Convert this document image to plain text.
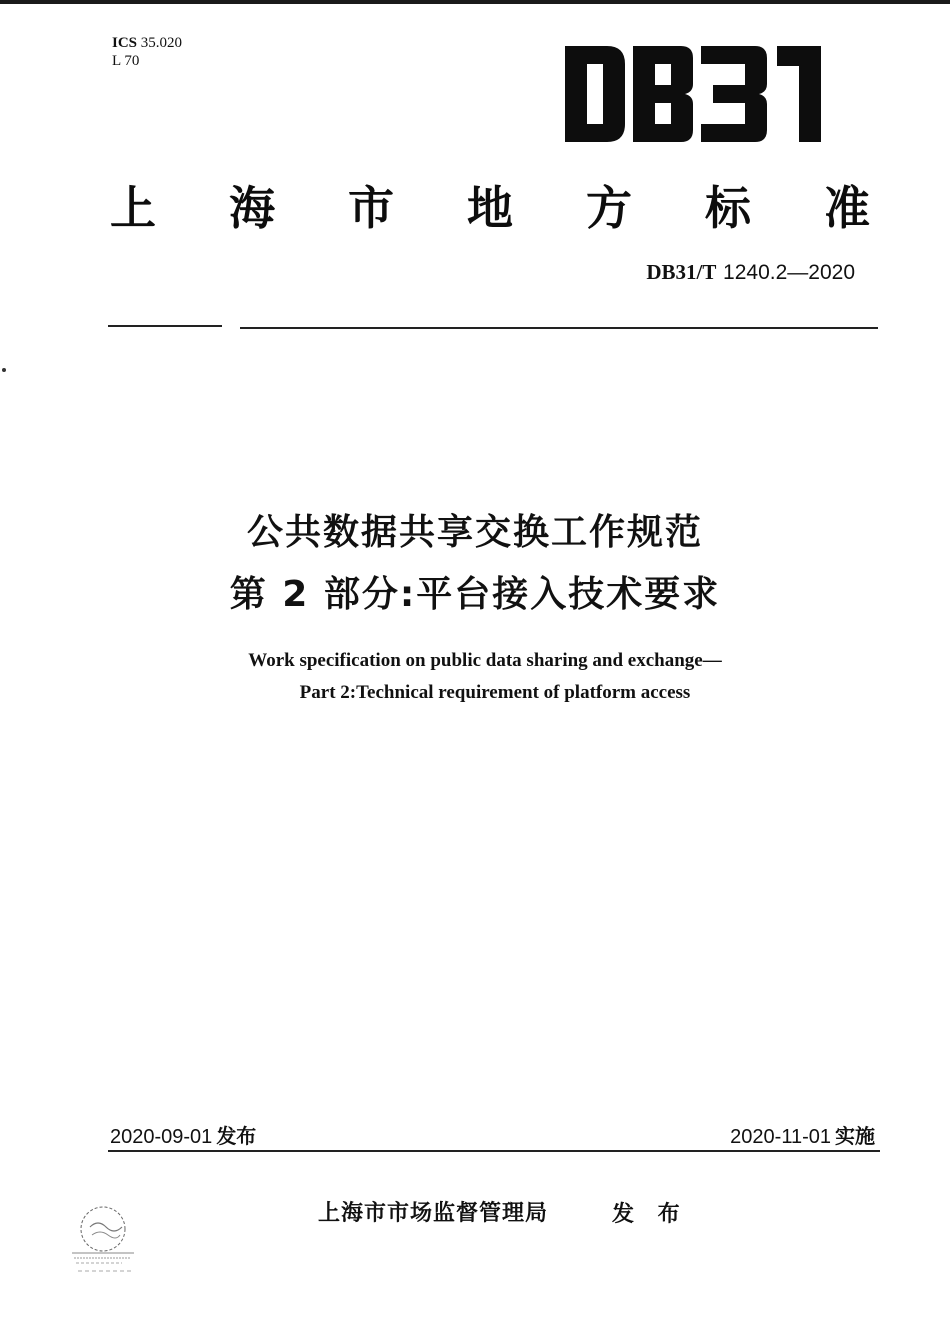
ICS 35.020
L 70
上 海 市 地 方 标 准
DB31/T 1240.2—2020
公共数据共享交换工作规范
第 2 部分:平台接入技术要求
Work specification on public data sharing and exchange—
Part 2:Technical requirement of platform access
2020-09-01 发布	2020-11-01 实施
上海市市场监督管理局	发 布
